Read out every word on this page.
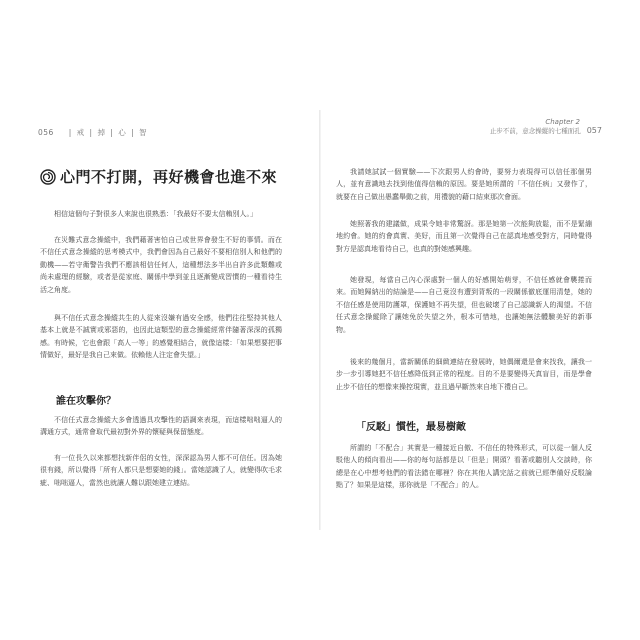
056 | 戒 | 掉 | 心 | 智
心門不打開，再好機會也進不來

相信這個句子對很多人來說也很熟悉：「我最好不要太信賴別人。」

在災難式意念操縱中，我們藉著害怕自己或世界會發生不好的事情。而在不信任式意念操縱的思考模式中，我們會因為自己最好不要相信別人和他們的動機——若守衛警告我們不應該相信任何人，這種想法多半出自許多此類難或尚未處理的經驗，或者是從家庭、關係中學到並且逐漸變成習慣的一種看待生活之角度。

與不信任式意念操縱共生的人從來沒嫌有過安全感，他們往往堅持其他人基本上就是不誠實或邪惡的，也因此這類型的意念操縱經常伴隨著深深的孤獨感。有時候，它也會跟「高人一等」的感覺相結合，就像這樣：「如果想要把事情做好，最好是我自己來做。依賴他人注定會失望。」

誰在攻擊你？

不信任式意念操縱大多會透過具攻擊性的語調來表現，而這樣咄咄逼人的溝通方式，通常會取代最初對外界的懷疑與保留態度。

有一位長久以來都想找新伴侶的女性，深深認為男人都不可信任。因為她很有錢，所以覺得「所有人都只是想要她的錢」。當她認識了人，就變得吹毛求疵、咄咄逼人，當然也就讓人難以跟她建立連結。

Chapter 2
止步不前，意念操縱的七種面孔 057

我請她試試一個實驗——下次跟男人約會時，要努力表現得可以信任那個男人，並有意識地去找到他值得信賴的原因。要是她所謂的「不信任病」又發作了，就要在自己做出愚蠢舉動之前，用禮貌的藉口結束那次會面。

她照著我的建議做，成果令她非常驚訝。那是她第一次能夠放鬆，而不是緊繃地約會。她的約會真實、美好，而且第一次覺得自己在認真地感受對方，同時覺得對方是認真地看待自己，也真的對她感興趣。

她發現，每當自己內心深處對一個人的好感開始萌芽，不信任感就會襲捲而來。而她歸納出的結論是——自己竟沒有遭到背叛的一段關係徹底運用清楚，她的不信任感是使用防護罩，保護她不再失望，但也破壞了自己認識新人的渴望。不信任式意念操縱除了讓她免於失望之外，根本可惜地，也讓她無法體驗美好的新事物。

後來的幾個月，當新關係的細緻連結在發展時，她偶爾還是會來找我，讓我一步一步引導她把不信任感降低到正常的程度。目的不是要變得天真盲目，而是學會止步不信任的想像來操控現實，並且過早斷然來自地下禮自己。

「反駁」慣性，最易樹敵

所謂的「不配合」其實是一種接近自傲、不信任的特殊形式，可以從一個人反駁他人的傾向看出——你的每句話都是以「但是」開頭？看著或聽別人交談時，你總是在心中想考他們的看法錯在哪裡？你在其他人講完話之前就已經準備好反駁論點了？如果是這樣，那你就是「不配合」的人。
